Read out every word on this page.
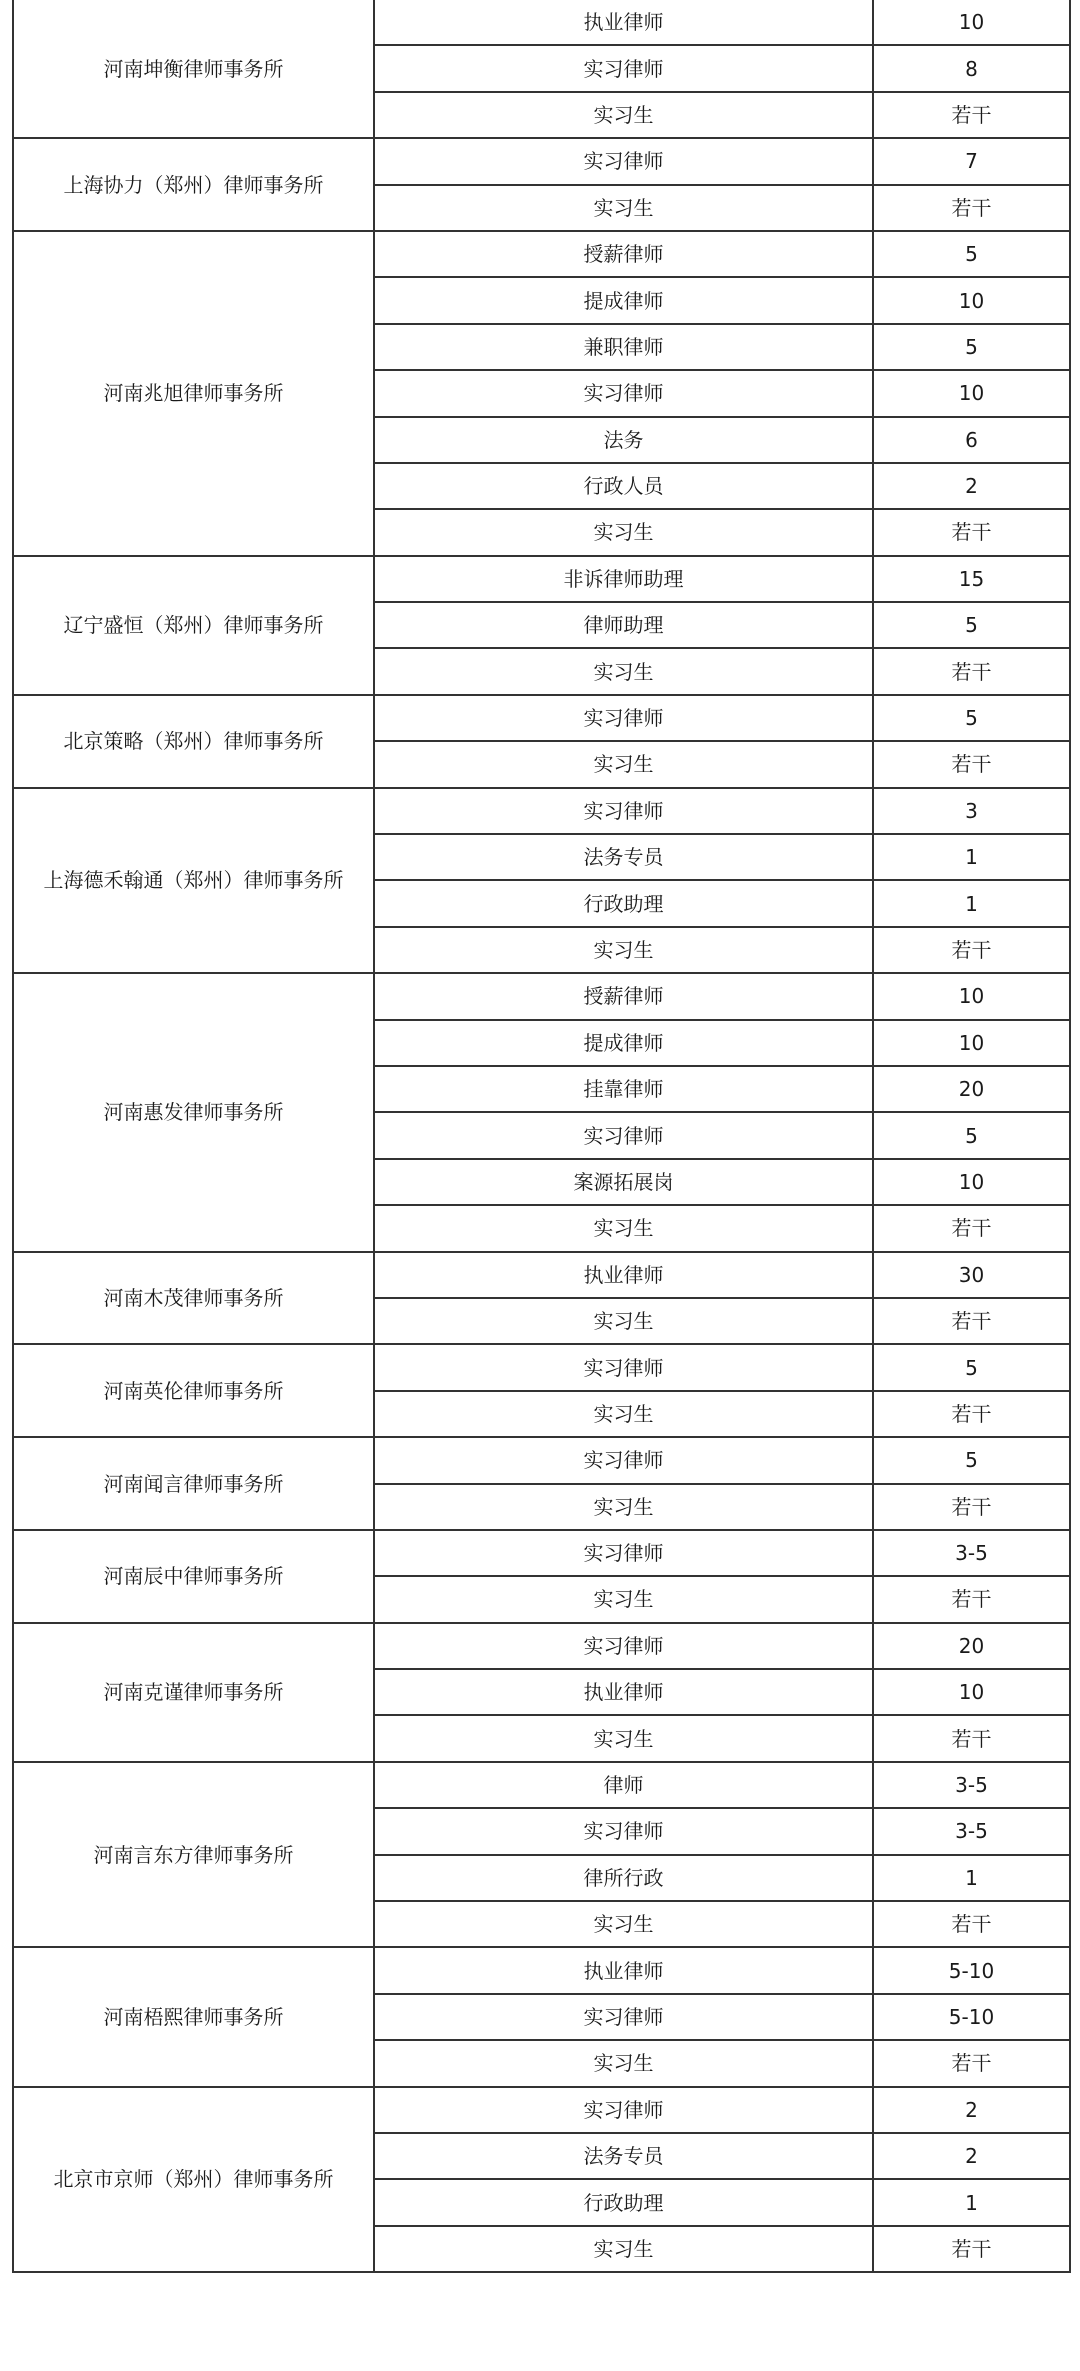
河南坤衡律师事务所	执业律师	10
	实习律师	8
	实习生	若干
上海协力（郑州）律师事务所	实习律师	7
	实习生	若干
河南兆旭律师事务所	授薪律师	5
	提成律师	10
	兼职律师	5
	实习律师	10
	法务	6
	行政人员	2
	实习生	若干
辽宁盛恒（郑州）律师事务所	非诉律师助理	15
	律师助理	5
	实习生	若干
北京策略（郑州）律师事务所	实习律师	5
	实习生	若干
上海德禾翰通（郑州）律师事务所	实习律师	3
	法务专员	1
	行政助理	1
	实习生	若干
河南惠发律师事务所	授薪律师	10
	提成律师	10
	挂靠律师	20
	实习律师	5
	案源拓展岗	10
	实习生	若干
河南木茂律师事务所	执业律师	30
	实习生	若干
河南英伦律师事务所	实习律师	5
	实习生	若干
河南闻言律师事务所	实习律师	5
	实习生	若干
河南辰中律师事务所	实习律师	3-5
	实习生	若干
河南克谨律师事务所	实习律师	20
	执业律师	10
	实习生	若干
河南言东方律师事务所	律师	3-5
	实习律师	3-5
	律所行政	1
	实习生	若干
河南梧熙律师事务所	执业律师	5-10
	实习律师	5-10
	实习生	若干
北京市京师（郑州）律师事务所	实习律师	2
	法务专员	2
	行政助理	1
	实习生	若干
